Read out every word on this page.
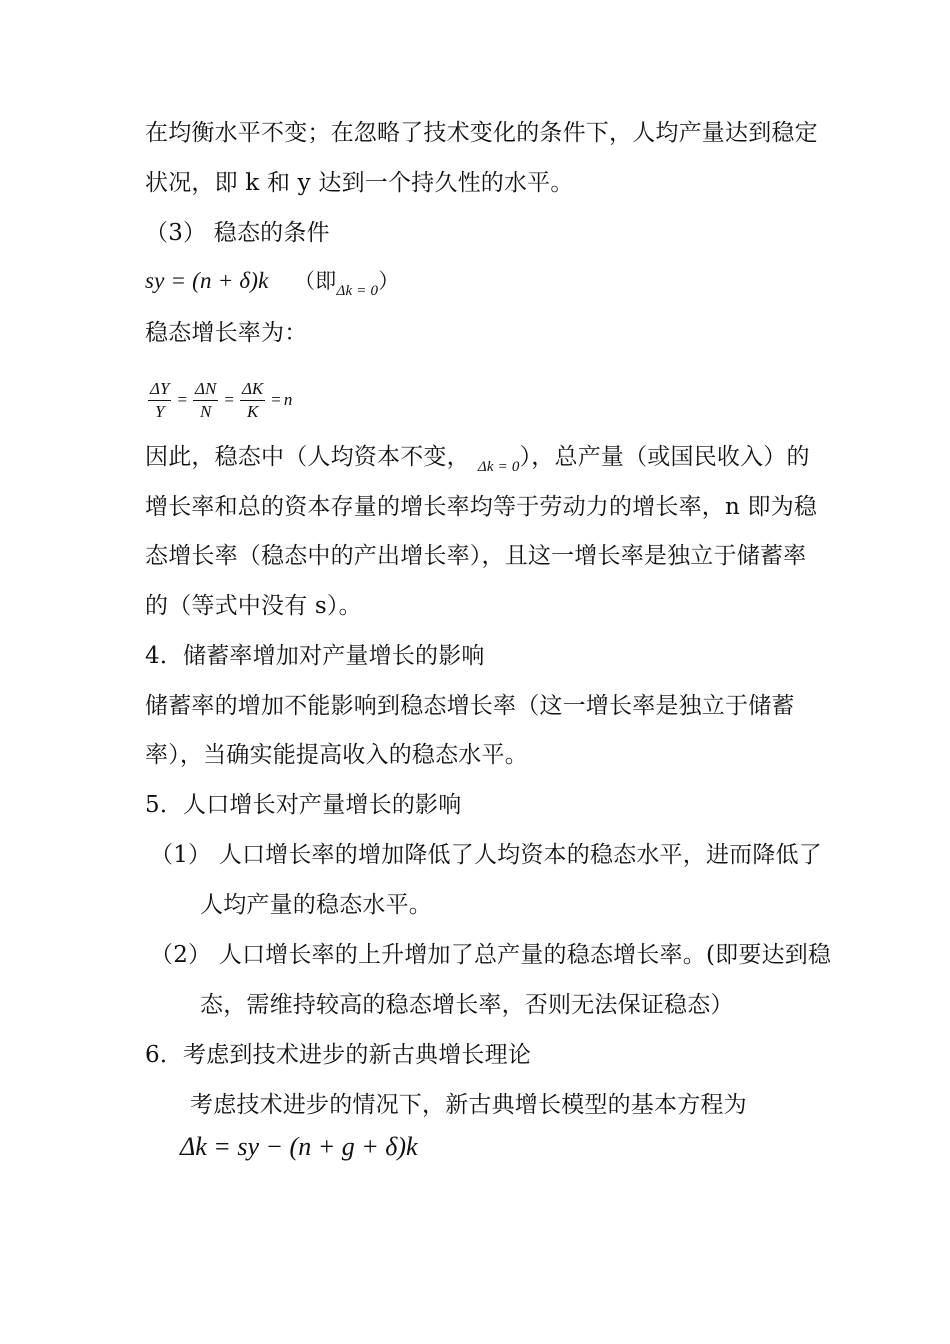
在均衡水平不变；在忽略了技术变化的条件下，人均产量达到稳定
状况，即 k 和 y 达到一个持久性的水平。
（3） 稳态的条件
sy = (n + δ)k （即$_{\Delta k = 0}$）
稳态增长率为：
$\frac{\Delta Y}{Y} = \frac{\Delta N}{N} = \frac{\Delta K}{K} = n$
因此，稳态中（人均资本不变， $_{\Delta k = 0}$），总产量（或国民收入）的
增长率和总的资本存量的增长率均等于劳动力的增长率，n 即为稳
态增长率（稳态中的产出增长率），且这一增长率是独立于储蓄率
的（等式中没有 s）。
4．储蓄率增加对产量增长的影响
储蓄率的增加不能影响到稳态增长率（这一增长率是独立于储蓄
率），当确实能提高收入的稳态水平。
5．人口增长对产量增长的影响
（1） 人口增长率的增加降低了人均资本的稳态水平，进而降低了
人均产量的稳态水平。
（2） 人口增长率的上升增加了总产量的稳态增长率。(即要达到稳
态，需维持较高的稳态增长率，否则无法保证稳态）
6．考虑到技术进步的新古典增长理论
考虑技术进步的情况下，新古典增长模型的基本方程为
Δk = sy − (n + g + δ)k
